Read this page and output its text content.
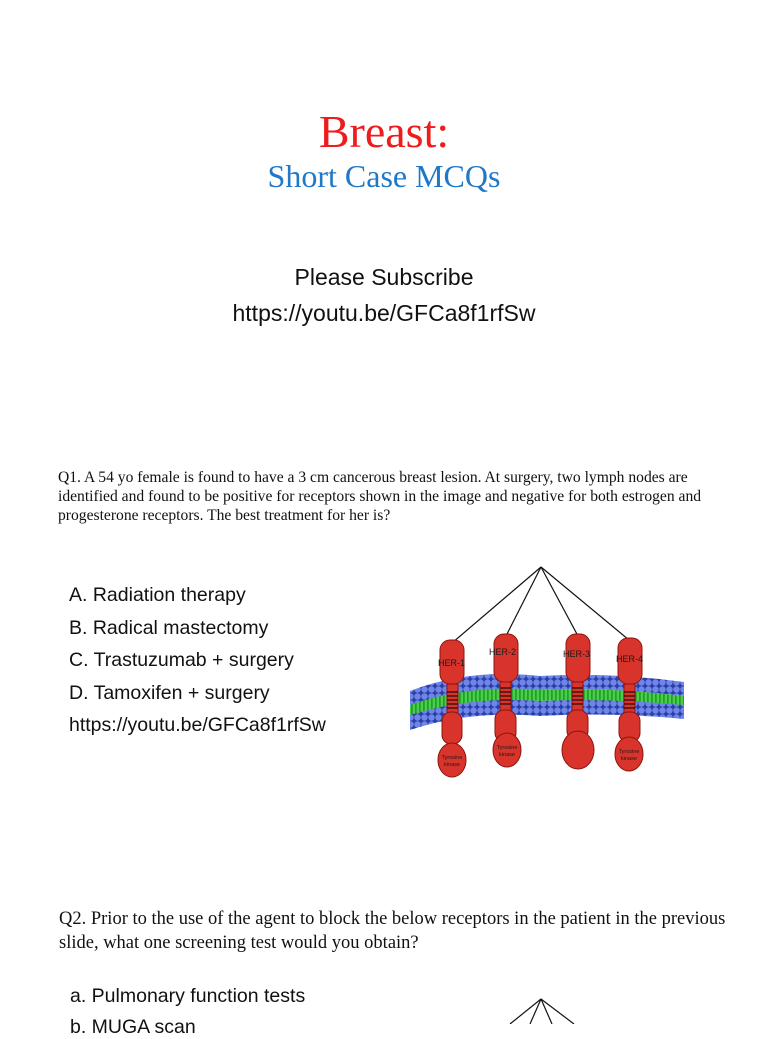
Breast:
Short Case MCQs
Please Subscribe
https://youtu.be/GFCa8f1rfSw
Q1. A 54 yo female is found to have a 3 cm cancerous breast lesion. At surgery, two lymph nodes are identified and found to be positive for receptors shown in the image and negative for both estrogen and progesterone receptors. The best treatment for her is?
A. Radiation therapy
B. Radical mastectomy
C. Trastuzumab + surgery
D. Tamoxifen + surgery
https://youtu.be/GFCa8f1rfSw
HER-1
HER-2	HER-3	HER-4
Tyrosine
kinase
Tyrosine
kinase	Tyrosine
kinase
Q2. Prior to the use of the agent to block the below receptors in the patient in the previous slide, what one screening test would you obtain?
a. Pulmonary function tests
b. MUGA scan
